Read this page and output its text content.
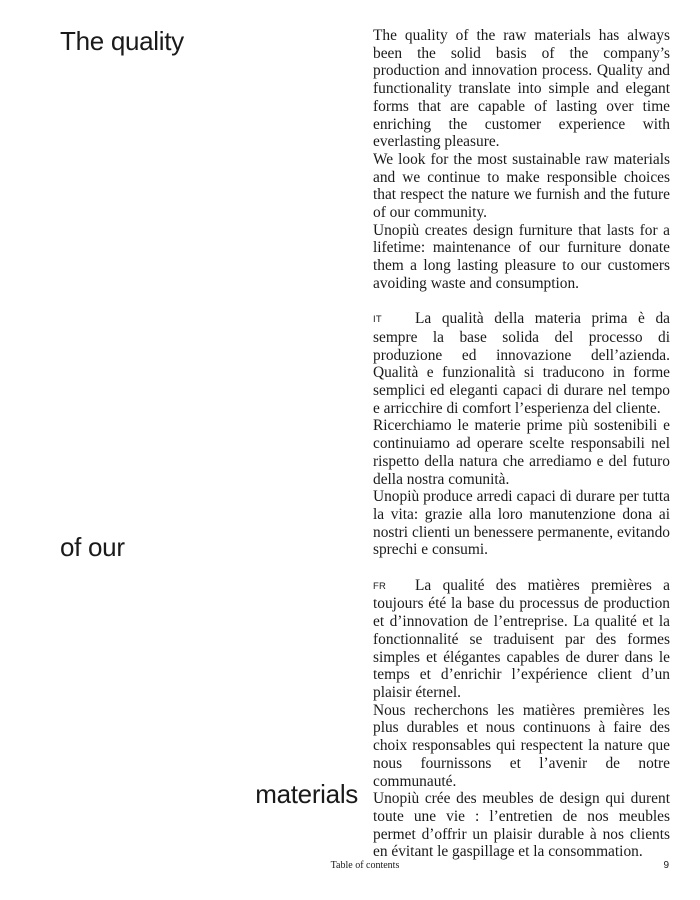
The quality
of our
materials

The quality of the raw materials has always been the solid basis of the company’s production and innovation process. Quality and functionality translate into simple and elegant forms that are capable of lasting over time enriching the customer experience with everlasting pleasure.

We look for the most sustainable raw materials and we continue to make responsible choices that respect the nature we furnish and the future of our community.

Unopiù creates design furniture that lasts for a lifetime: maintenance of our furniture donate them a long lasting pleasure to our customers avoiding waste and consumption.

IT La qualità della materia prima è da sempre la base solida del processo di produzione ed innovazione dell’azienda. Qualità e funzionalità si traducono in forme semplici ed eleganti capaci di durare nel tempo e arricchire di comfort l’esperienza del cliente.

Ricerchiamo le materie prime più sostenibili e continuiamo ad operare scelte responsabili nel rispetto della natura che arrediamo e del futuro della nostra comunità.

Unopiù produce arredi capaci di durare per tutta la vita: grazie alla loro manutenzione dona ai nostri clienti un benessere permanente, evitando sprechi e consumi.

FR La qualité des matières premières a toujours été la base du processus de production et d’innovation de l’entreprise. La qualité et la fonctionnalité se traduisent par des formes simples et élégantes capables de durer dans le temps et d’enrichir l’expérience client d’un plaisir éternel.

Nous recherchons les matières premières les plus durables et nous continuons à faire des choix responsables qui respectent la nature que nous fournissons et l’avenir de notre communauté.

Unopiù crée des meubles de design qui durent toute une vie : l’entretien de nos meubles permet d’offrir un plaisir durable à nos clients en évitant le gaspillage et la consommation.

Table of contents	9
